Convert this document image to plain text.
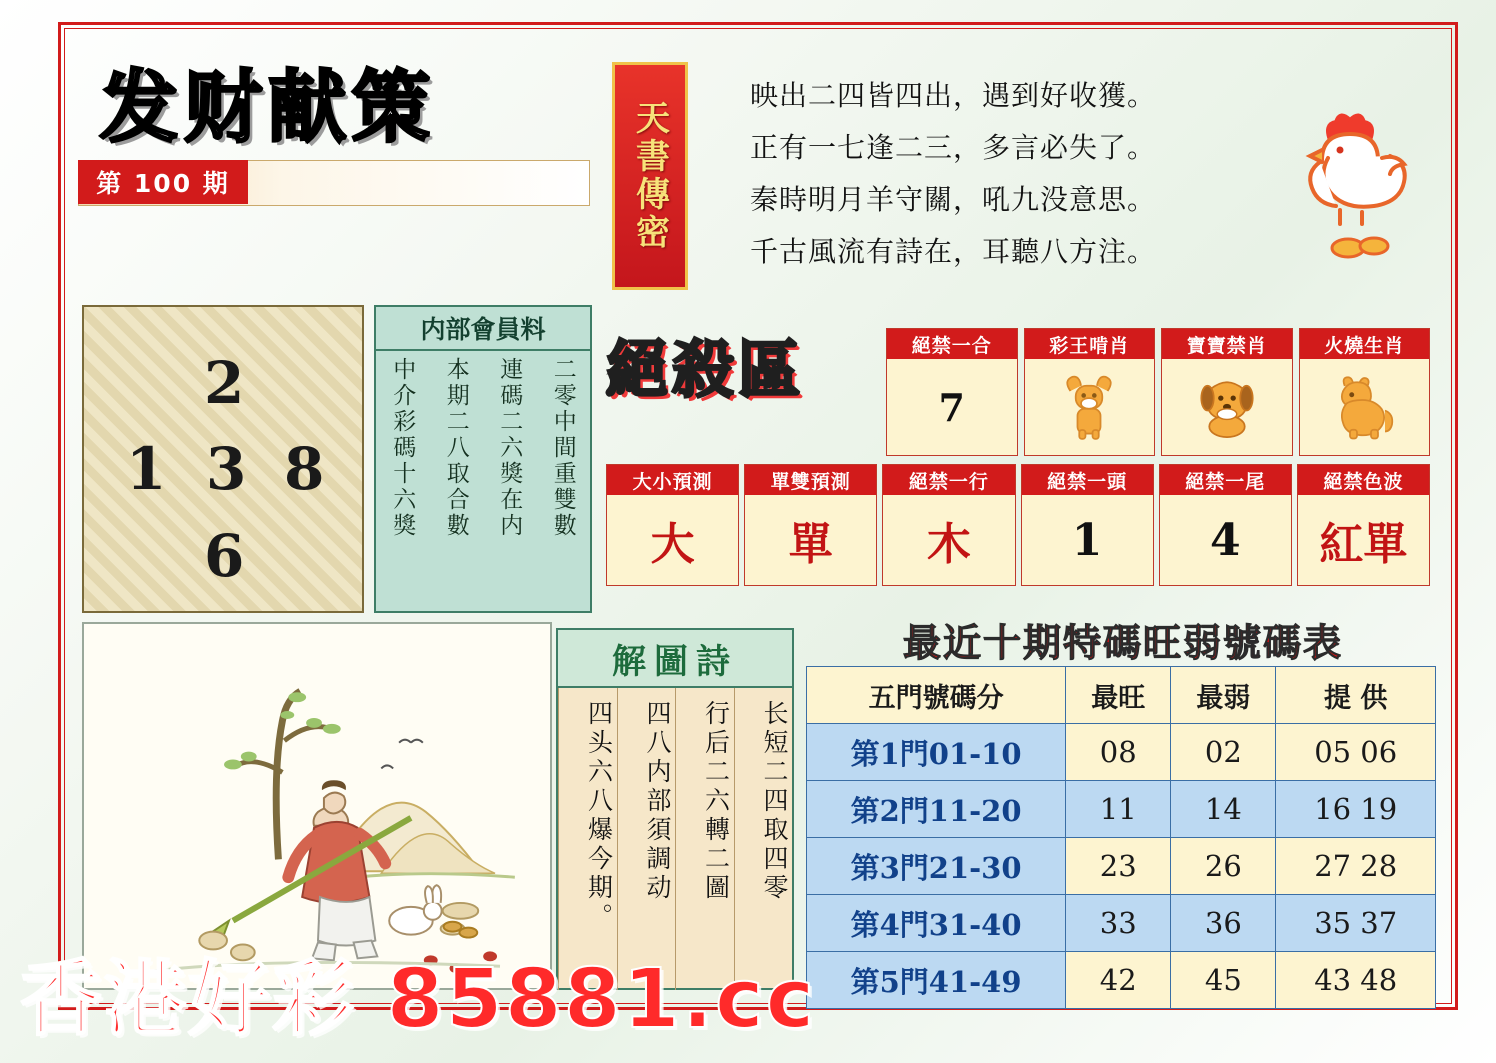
发财献策
第 100 期	天書傳密
映出二四皆四出，遇到好收獲。
正有一七逢二三，多言必失了。
秦時明月羊守關，吼九没意思。
千古風流有詩在，耳聽八方注。
2
1 3 8
6
内部會員料
二零中間重雙數
連碼二六獎在内
本期二八取合數
中介彩碼十六獎	絕殺區	絕禁一合
7
彩王啃肖	寶寶禁肖	火燒生肖
大小預測
大
單雙預測
單
絕禁一行
木
絕禁一頭
1
絕禁一尾
4
絕禁色波
紅單
解圖詩
长短二四取四零
行后二六轉二圖
四八内部須調动
四头六八爆今期。
最近十期特碼旺弱號碼表
五門號碼分	最旺	最弱	提 供
第1門01-10	08	02	05 06
第2門11-20	11	14	16 19
第3門21-30	23	26	27 28
第4門31-40	33	36	35 37
第5門41-49	42	45	43 48
香港好彩 85881.cc
